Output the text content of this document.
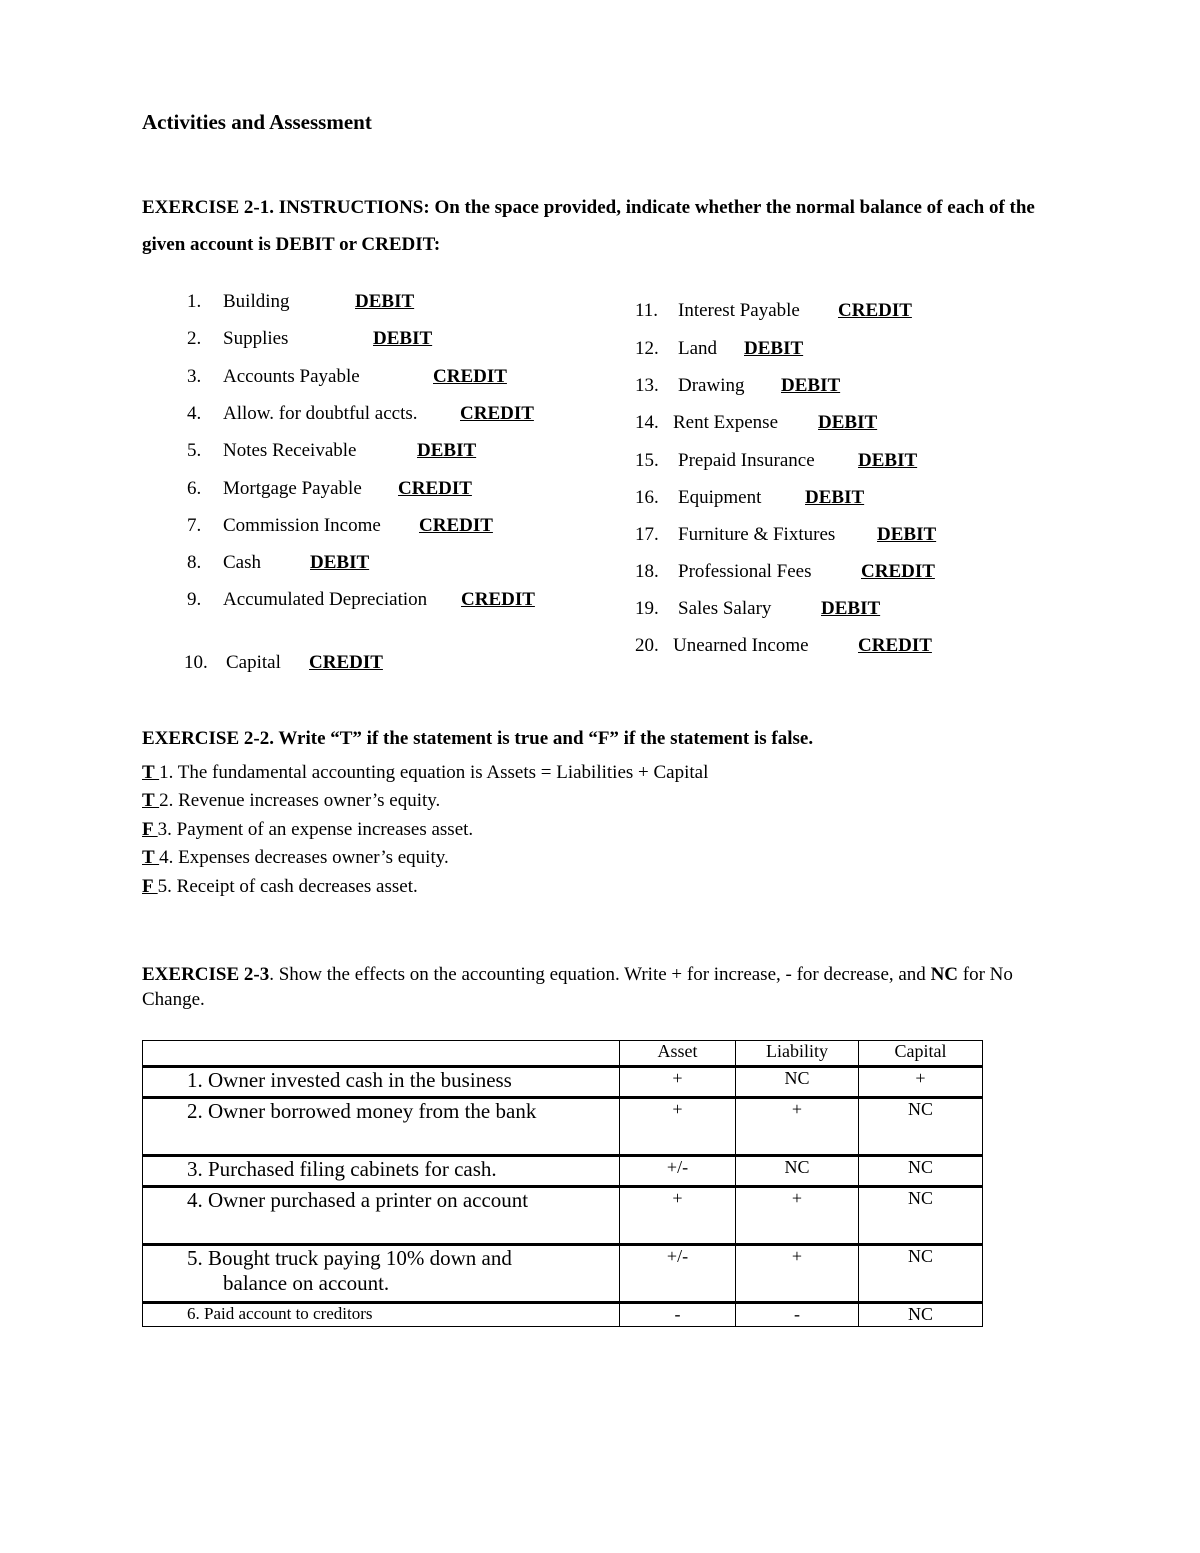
Activities and Assessment
EXERCISE 2-1. INSTRUCTIONS: On the space provided, indicate whether the normal balance of each of the given account is DEBIT or CREDIT:
1. Building	DEBIT
2. Supplies	DEBIT
3. Accounts Payable	CREDIT
4. Allow. for doubtful accts. CREDIT
5. Notes Receivable	DEBIT
6. Mortgage Payable CREDIT
7. Commission Income CREDIT
8. Cash	DEBIT
9. Accumulated Depreciation CREDIT
10. Capital CREDIT
11. Interest Payable CREDIT
12. Land DEBIT
13. Drawing DEBIT
14. Rent Expense DEBIT
15. Prepaid Insurance DEBIT
16. Equipment DEBIT
17. Furniture & Fixtures DEBIT
18. Professional Fees	CREDIT
19. Sales Salary	DEBIT
20. Unearned Income	CREDIT
EXERCISE 2-2. Write “T” if the statement is true and “F” if the statement is false.
T 1. The fundamental accounting equation is Assets = Liabilities + Capital
T 2. Revenue increases owner’s equity.
F 3. Payment of an expense increases asset.
T 4. Expenses decreases owner’s equity.
F 5. Receipt of cash decreases asset.
EXERCISE 2-3. Show the effects on the accounting equation. Write + for increase, - for decrease, and NC for No Change.
	Asset	Liability	Capital
1. Owner invested cash in the business	+	NC	+
2. Owner borrowed money from the bank	+	+	NC
3. Purchased filing cabinets for cash.	+/-	NC	NC
4. Owner purchased a printer on account	+	+	NC

5. Bought truck paying 10% down and
balance on account.	+/-	+	NC
6. Paid account to creditors	-	-	NC
